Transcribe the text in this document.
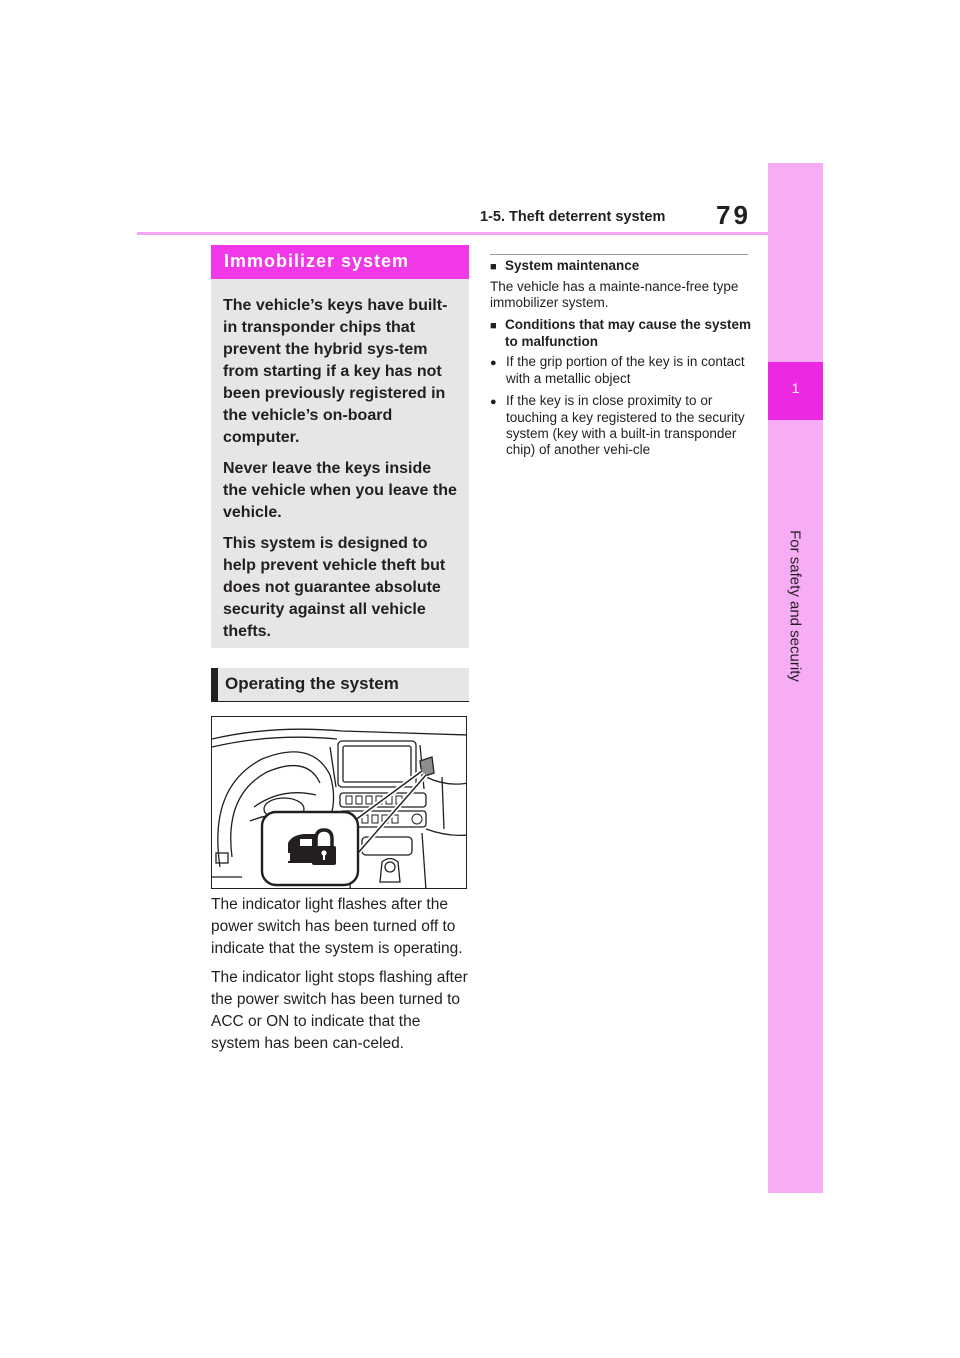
1-5. Theft deterrent system 79
1
For safety and security
Immobilizer system

The vehicle’s keys have built-in transponder chips that prevent the hybrid sys-tem from starting if a key has not been previously registered in the vehicle’s on-board computer.

Never leave the keys inside the vehicle when you leave the vehicle.

This system is designed to help prevent vehicle theft but does not guarantee absolute security against all vehicle thefts.

Operating the system

The indicator light flashes after the power switch has been turned off to indicate that the system is operating.

The indicator light stops flashing after the power switch has been turned to ACC or ON to indicate that the system has been can-celed.

■ System maintenance

The vehicle has a mainte-nance-free type immobilizer system.

■ Conditions that may cause the system to malfunction

● If the grip portion of the key is in contact with a metallic object

● If the key is in close proximity to or touching a key registered to the security system (key with a built-in transponder chip) of another vehi-cle
